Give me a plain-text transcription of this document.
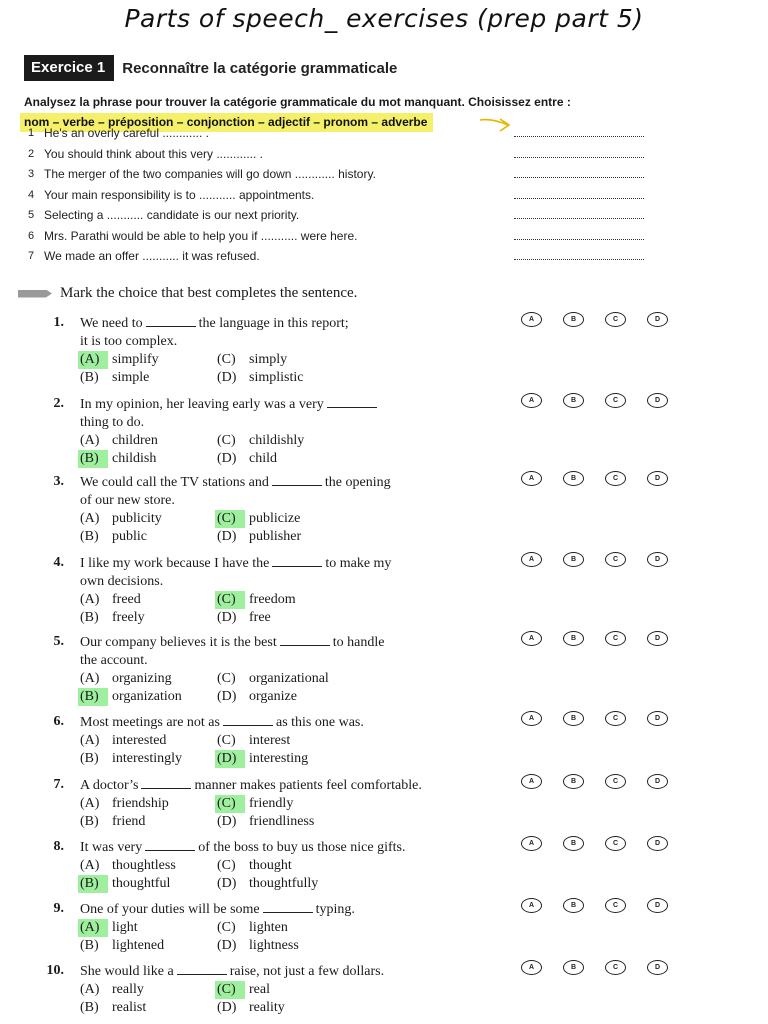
Parts of speech_ exercises (prep part 5)
Exercice 1	Reconnaître la catégorie grammaticale
Analysez la phrase pour trouver la catégorie grammaticale du mot manquant. Choisissez entre :
nom – verbe – préposition – conjonction – adjectif – pronom – adverbe
1 He's an overly careful ............ .
2 You should think about this very ............ .
3 The merger of the two companies will go down ............ history.
4 Your main responsibility is to ........... appointments.
5 Selecting a ........... candidate is our next priority.
6 Mrs. Parathi would be able to help you if ........... were here.
7 We made an offer ........... it was refused.
Mark the choice that best completes the sentence.
1. We need to	the language in this report;
it is too complex.
(A) simplify
(B) simple
(C) simply
(D) simplistic
A	B	C	D
2. In my opinion, her leaving early was a very
thing to do.
(A) children
(B) childish
(C) childishly
(D) child
A	B	C	D
3. We could call the TV stations and	the opening
of our new store.
(A) publicity
(B) public
(C) publicize
(D) publisher
A	B	C	D
4. I like my work because I have the	to make my
own decisions.
(A) freed
(B) freely
(C) freedom
(D) free
A	B	C	D
5. Our company believes it is the best	to handle
the account.
(A) organizing
(B) organization
(C) organizational
(D) organize
A	B	C	D
6. Most meetings are not as	as this one was.
(A) interested
(B) interestingly
(C) interest
(D) interesting
A	B	C	D
7. A doctor’s	manner makes patients feel comfortable.
(A) friendship
(B) friend
(C) friendly
(D) friendliness
A	B	C	D
8. It was very	of the boss to buy us those nice gifts.
(A) thoughtless
(B) thoughtful
(C) thought
(D) thoughtfully
A	B	C	D
9. One of your duties will be some	typing.
(A) light
(B) lightened
(C) lighten
(D) lightness
A	B	C	D
10. She would like a	raise, not just a few dollars.
(A) really
(B) realist
(C) real
(D) reality
A	B	C	D
